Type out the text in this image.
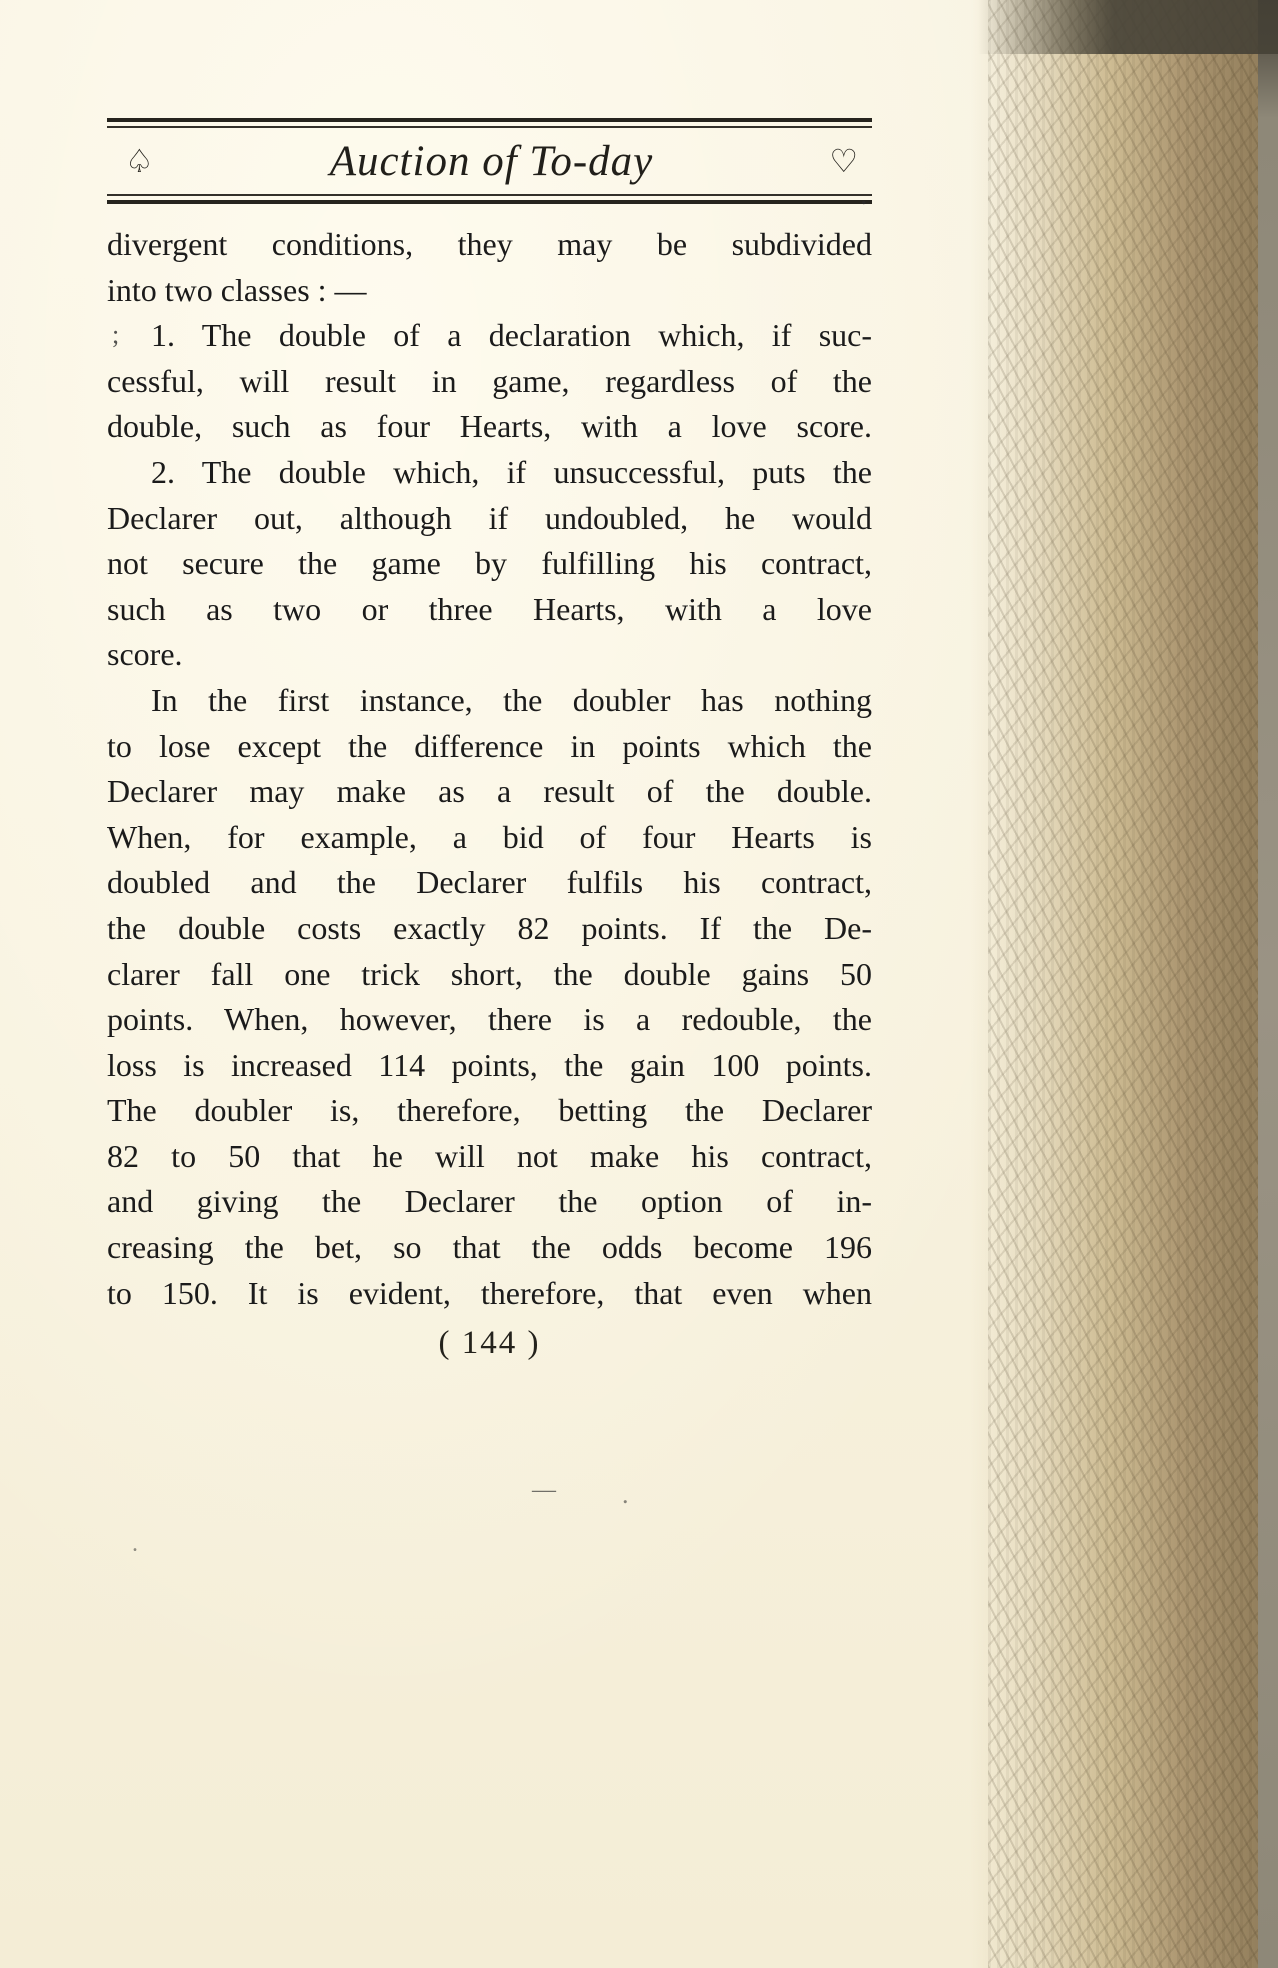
♤	Auction of To-day	♡
divergent conditions, they may be subdivided
into two classes : —
1. The double of a declaration which, if suc-
cessful, will result in game, regardless of the
double, such as four Hearts, with a love score.
2. The double which, if unsuccessful, puts the
Declarer out, although if undoubled, he would
not secure the game by fulfilling his contract,
such as two or three Hearts, with a love
score.
In the first instance, the doubler has nothing
to lose except the difference in points which the
Declarer may make as a result of the double.
When, for example, a bid of four Hearts is
doubled and the Declarer fulfils his contract,
the double costs exactly 82 points. If the De-
clarer fall one trick short, the double gains 50
points. When, however, there is a redouble, the
loss is increased 114 points, the gain 100 points.
The doubler is, therefore, betting the Declarer
82 to 50 that he will not make his contract,
and giving the Declarer the option of in-
creasing the bet, so that the odds become 196
to 150. It is evident, therefore, that even when
( 144 )
;
.
—	.
.
